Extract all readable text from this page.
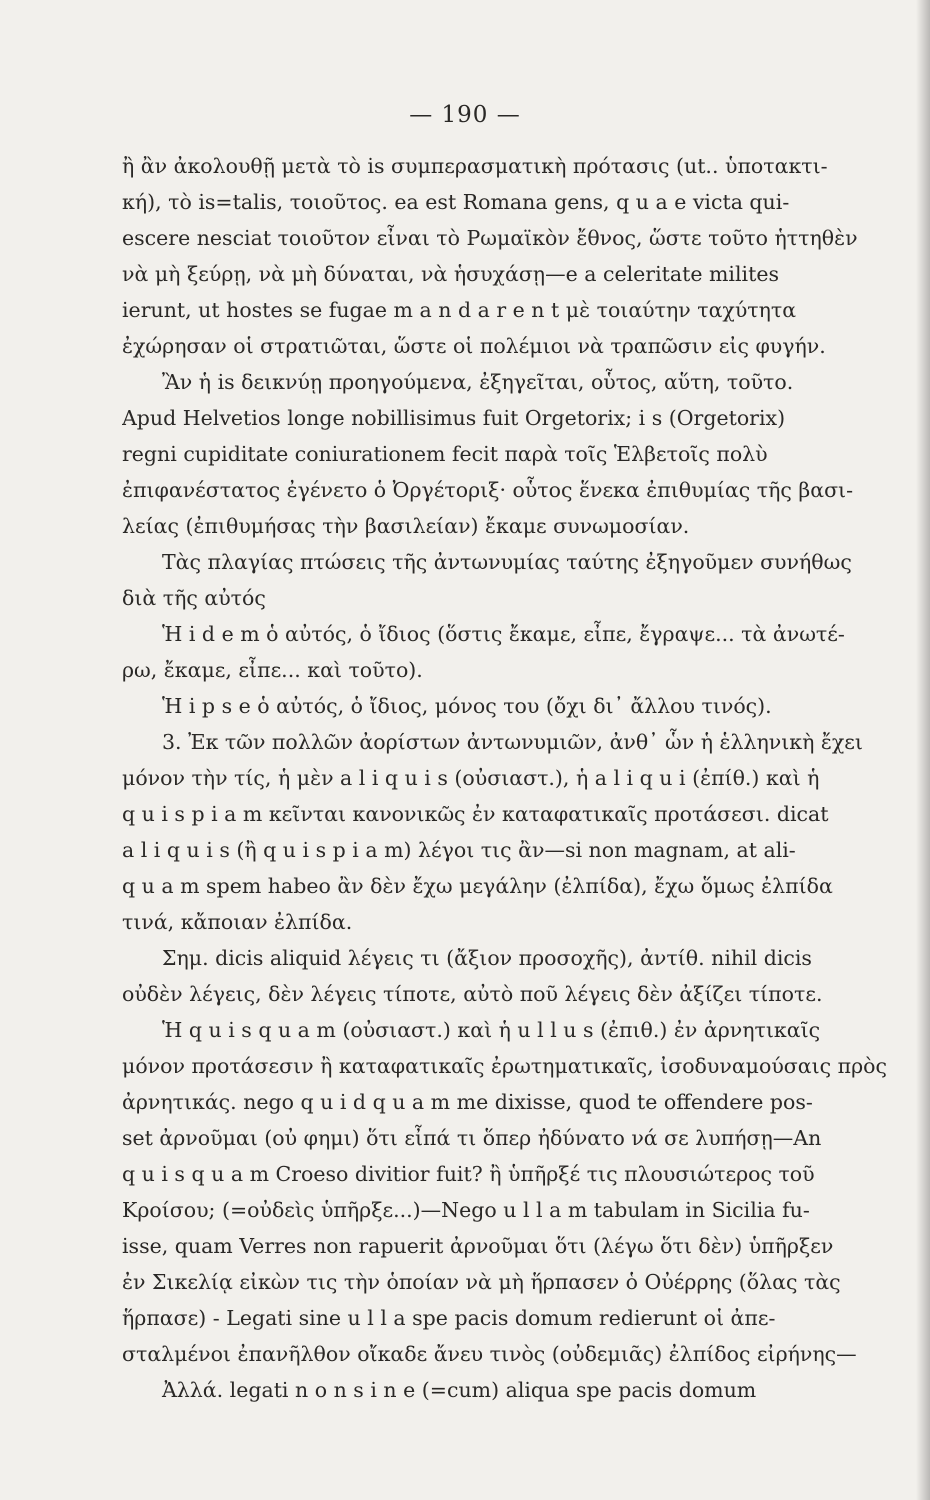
— 190 —
ἢ ἂν ἀκολουθῇ μετὰ τὸ is συμπερασματικὴ πρότασις (ut.. ὑποτακτι-
κή), τὸ is=talis, τοιοῦτος. ea est Romana gens, q u a e victa qui-
escere nesciat τοιοῦτον εἶναι τὸ Ρωμαϊκὸν ἔθνος, ὥστε τοῦτο ἡττηθὲν
νὰ μὴ ξεύρῃ, νὰ μὴ δύναται, νὰ ἡσυχάσῃ—e a celeritate milites
ierunt, ut hostes se fugae m a n d a r e n t μὲ τοιαύτην ταχύτητα
ἐχώρησαν οἱ στρατιῶται, ὥστε οἱ πολέμιοι νὰ τραπῶσιν εἰς φυγήν.
Ἂν ἡ is δεικνύῃ προηγούμενα, ἐξηγεῖται, οὗτος, αὕτη, τοῦτο.
Apud Helvetios longe nobillisimus fuit Orgetorix; i s (Orgetorix)
regni cupiditate coniurationem fecit παρὰ τοῖς Ἑλβετοῖς πολὺ
ἐπιφανέστατος ἐγένετο ὁ Ὀργέτοριξ· οὗτος ἕνεκα ἐπιθυμίας τῆς βασι-
λείας (ἐπιθυμήσας τὴν βασιλείαν) ἔκαμε συνωμοσίαν.
Τὰς πλαγίας πτώσεις τῆς ἀντωνυμίας ταύτης ἐξηγοῦμεν συνήθως
διὰ τῆς αὐτός
Ἡ i d e m ὁ αὐτός, ὁ ἴδιος (ὅστις ἔκαμε, εἶπε, ἔγραψε... τὰ ἀνωτέ-
ρω, ἔκαμε, εἶπε... καὶ τοῦτο).
Ἡ i p s e ὁ αὐτός, ὁ ἴδιος, μόνος του (ὄχι δι᾽ ἄλλου τινός).
3. Ἐκ τῶν πολλῶν ἀορίστων ἀντωνυμιῶν, ἀνθ᾽ ὧν ἡ ἑλληνικὴ ἔχει
μόνον τὴν τίς, ἡ μὲν a l i q u i s (οὐσιαστ.), ἡ a l i q u i (ἐπίθ.) καὶ ἡ
q u i s p i a m κεῖνται κανονικῶς ἐν καταφατικαῖς προτάσεσι. dicat
a l i q u i s (ἢ q u i s p i a m) λέγοι τις ἂν—si non magnam, at ali-
q u a m spem habeo ἂν δὲν ἔχω μεγάλην (ἐλπίδα), ἔχω ὅμως ἐλπίδα
τινά, κἄποιαν ἐλπίδα.
Σημ. dicis aliquid λέγεις τι (ἄξιον προσοχῆς), ἀντίθ. nihil dicis
οὐδὲν λέγεις, δὲν λέγεις τίποτε, αὐτὸ ποῦ λέγεις δὲν ἀξίζει τίποτε.
Ἡ q u i s q u a m (οὐσιαστ.) καὶ ἡ u l l u s (ἐπιθ.) ἐν ἀρνητικαῖς
μόνον προτάσεσιν ἢ καταφατικαῖς ἐρωτηματικαῖς, ἰσοδυναμούσαις πρὸς
ἀρνητικάς. nego q u i d q u a m me dixisse, quod te offendere pos-
set ἀρνοῦμαι (οὐ φημι) ὅτι εἶπά τι ὅπερ ἠδύνατο νά σε λυπήσῃ—An
q u i s q u a m Croeso divitior fuit? ἢ ὑπῆρξέ τις πλουσιώτερος τοῦ
Κροίσου; (=οὐδεὶς ὑπῆρξε...)—Nego u l l a m tabulam in Sicilia fu-
isse, quam Verres non rapuerit ἀρνοῦμαι ὅτι (λέγω ὅτι δὲν) ὑπῆρξεν
ἐν Σικελίᾳ εἰκὼν τις τὴν ὁποίαν νὰ μὴ ἥρπασεν ὁ Οὐέρρης (ὅλας τὰς
ἥρπασε) - Legati sine u l l a spe pacis domum redierunt οἱ ἀπε-
σταλμένοι ἐπανῆλθον οἴκαδε ἄνευ τινὸς (οὐδεμιᾶς) ἐλπίδος εἰρήνης—
Ἀλλά. legati n o n s i n e (=cum) aliqua spe pacis domum
